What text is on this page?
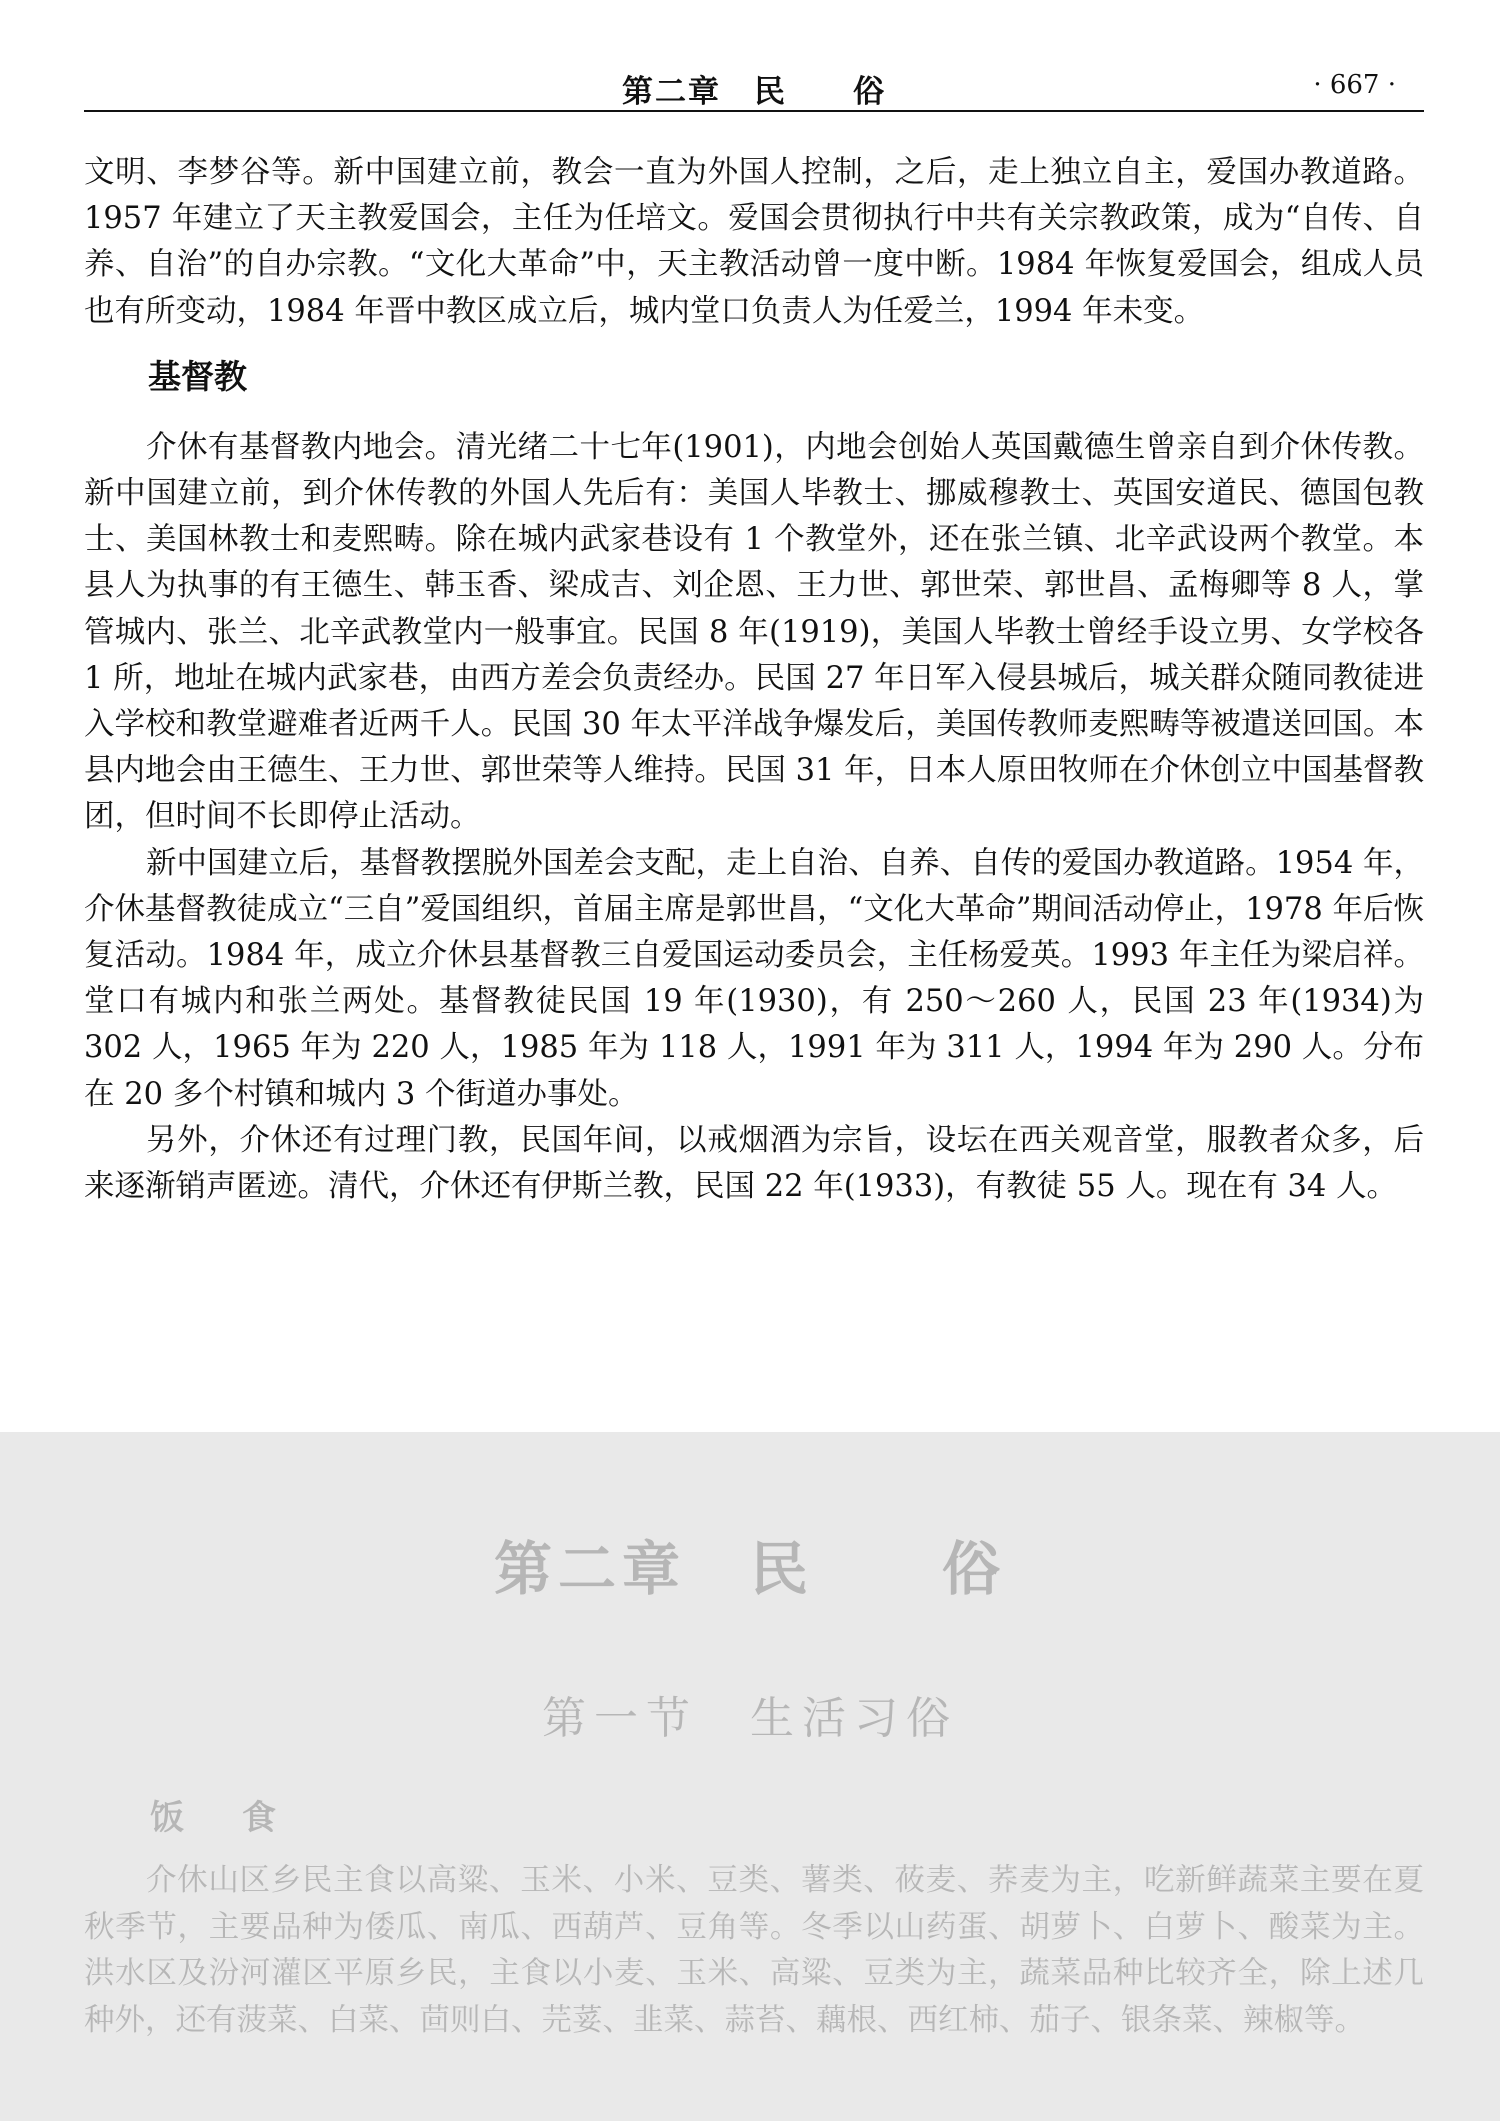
第二章　民　　俗	· 667 ·

文明、李梦谷等。新中国建立前，教会一直为外国人控制，之后，走上独立自主，爱国办教道路。1957 年建立了天主教爱国会，主任为任培文。爱国会贯彻执行中共有关宗教政策，成为“自传、自养、自治”的自办宗教。“文化大革命”中，天主教活动曾一度中断。1984 年恢复爱国会，组成人员也有所变动，1984 年晋中教区成立后，城内堂口负责人为任爱兰，1994 年未变。

基督教

介休有基督教内地会。清光绪二十七年(1901)，内地会创始人英国戴德生曾亲自到介休传教。新中国建立前，到介休传教的外国人先后有：美国人毕教士、挪威穆教士、英国安道民、德国包教士、美国林教士和麦熙畴。除在城内武家巷设有 1 个教堂外，还在张兰镇、北辛武设两个教堂。本县人为执事的有王德生、韩玉香、梁成吉、刘企恩、王力世、郭世荣、郭世昌、孟梅卿等 8 人，掌管城内、张兰、北辛武教堂内一般事宜。民国 8 年(1919)，美国人毕教士曾经手设立男、女学校各 1 所，地址在城内武家巷，由西方差会负责经办。民国 27 年日军入侵县城后，城关群众随同教徒进入学校和教堂避难者近两千人。民国 30 年太平洋战争爆发后，美国传教师麦熙畴等被遣送回国。本县内地会由王德生、王力世、郭世荣等人维持。民国 31 年，日本人原田牧师在介休创立中国基督教团，但时间不长即停止活动。

新中国建立后，基督教摆脱外国差会支配，走上自治、自养、自传的爱国办教道路。1954 年，介休基督教徒成立“三自”爱国组织，首届主席是郭世昌，“文化大革命”期间活动停止，1978 年后恢复活动。1984 年，成立介休县基督教三自爱国运动委员会，主任杨爱英。1993 年主任为梁启祥。堂口有城内和张兰两处。基督教徒民国 19 年(1930)，有 250～260 人，民国 23 年(1934)为 302 人，1965 年为 220 人，1985 年为 118 人，1991 年为 311 人，1994 年为 290 人。分布在 20 多个村镇和城内 3 个街道办事处。

另外，介休还有过理门教，民国年间，以戒烟酒为宗旨，设坛在西关观音堂，服教者众多，后来逐渐销声匿迹。清代，介休还有伊斯兰教，民国 22 年(1933)，有教徒 55 人。现在有 34 人。

第二章　民　　俗
第一节　生活习俗
饭　食

介休山区乡民主食以高粱、玉米、小米、豆类、薯类、莜麦、荞麦为主，吃新鲜蔬菜主要在夏秋季节，主要品种为倭瓜、南瓜、西葫芦、豆角等。冬季以山药蛋、胡萝卜、白萝卜、酸菜为主。洪水区及汾河灌区平原乡民，主食以小麦、玉米、高粱、豆类为主，蔬菜品种比较齐全，除上述几种外，还有菠菜、白菜、茴则白、芫荽、韭菜、蒜苔、藕根、西红柿、茄子、银条菜、辣椒等。
